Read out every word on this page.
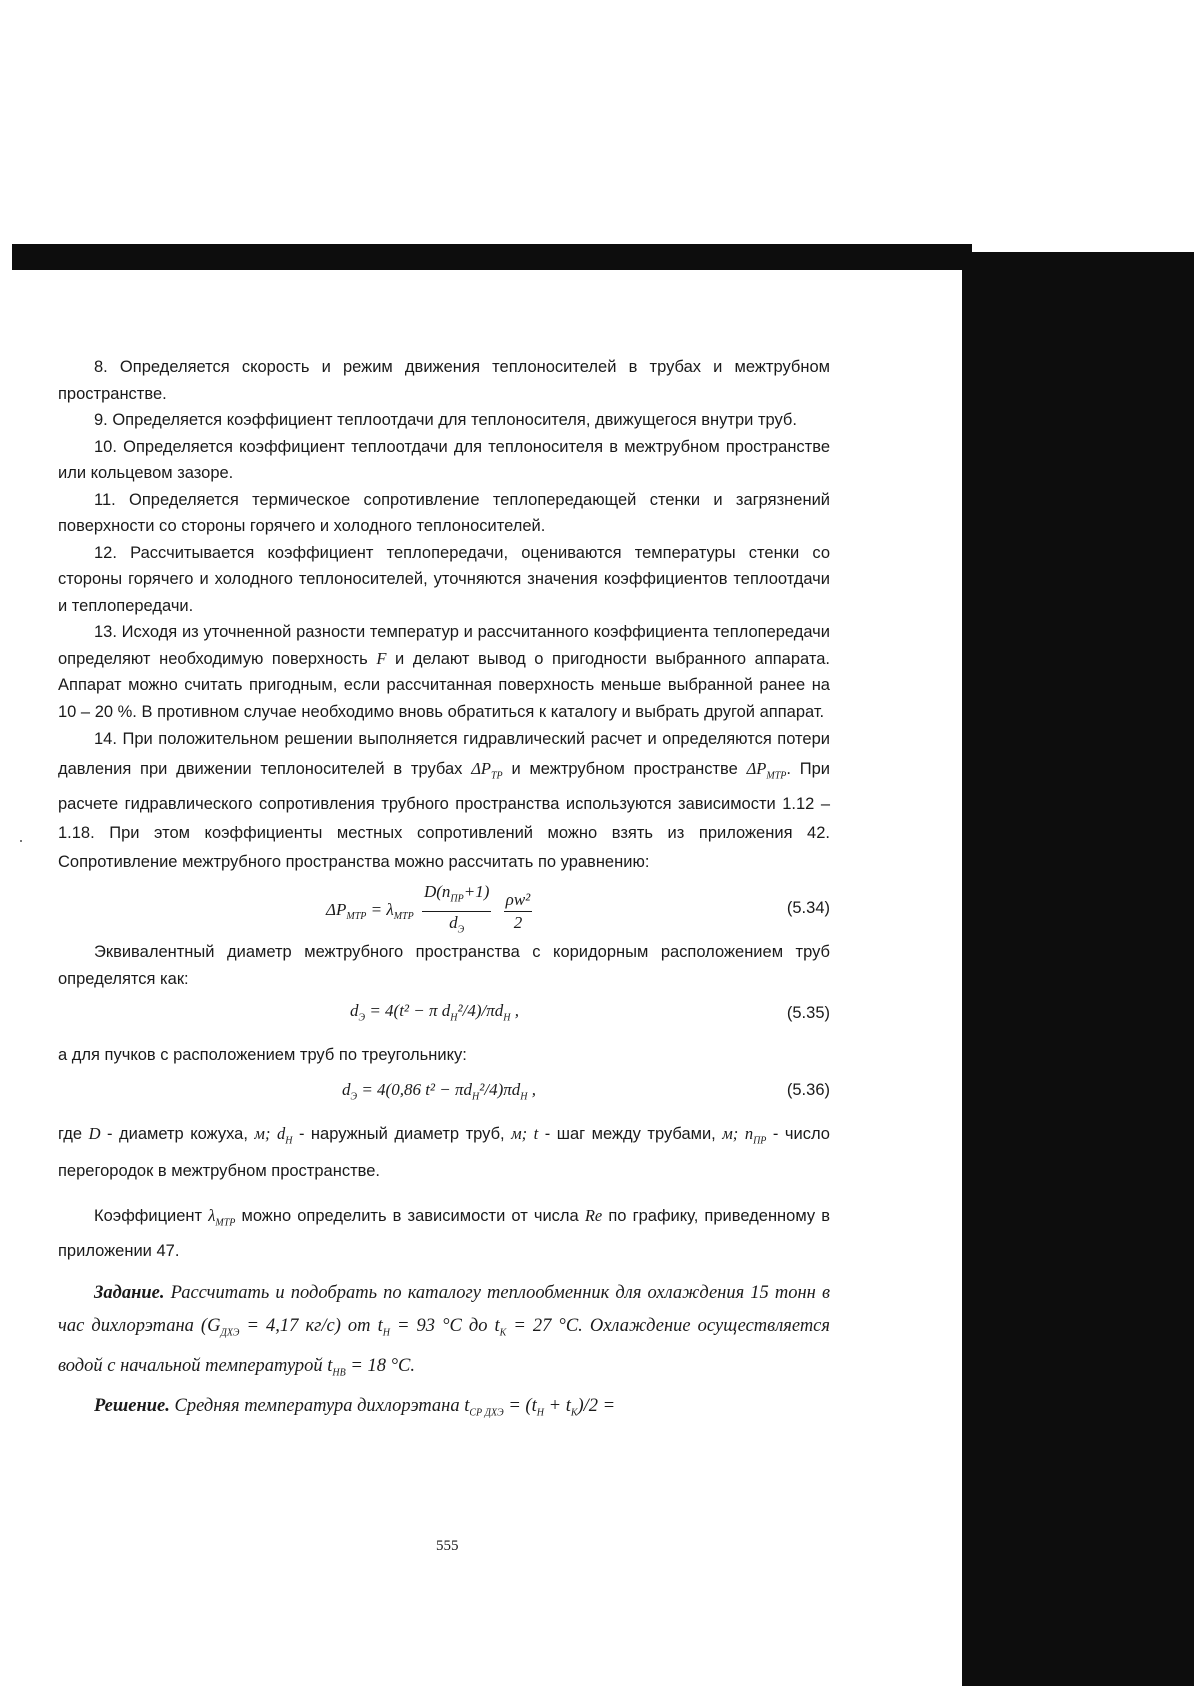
8. Определяется скорость и режим движения теплоносителей в трубах и межтрубном пространстве.

9. Определяется коэффициент теплоотдачи для теплоносителя, движущегося внутри труб.

10. Определяется коэффициент теплоотдачи для теплоносителя в межтрубном пространстве или кольцевом зазоре.

11. Определяется термическое сопротивление теплопередающей стенки и загрязнений поверхности со стороны горячего и холодного теплоносителей.

12. Рассчитывается коэффициент теплопередачи, оцениваются температуры стенки со стороны горячего и холодного теплоносителей, уточняются значения коэффициентов теплоотдачи и теплопередачи.

13. Исходя из уточненной разности температур и рассчитанного коэффициента теплопередачи определяют необходимую поверхность F и делают вывод о пригодности выбранного аппарата. Аппарат можно считать пригодным, если рассчитанная поверхность меньше выбранной ранее на 10 – 20 %. В противном случае необходимо вновь обратиться к каталогу и выбрать другой аппарат.

14. При положительном решении выполняется гидравлический расчет и определяются потери давления при движении теплоносителей в трубах $\Delta P_{ТР}$ и межтрубном пространстве $\Delta P_{МТР}$. При расчете гидравлического сопротивления трубного пространства используются зависимости 1.12 – 1.18. При этом коэффициенты местных сопротивлений можно взять из приложения 42. Сопротивление межтрубного пространства можно рассчитать по уравнению:

$\Delta P_{МТР} = \lambda_{МТР} \frac{D(n_{ПР}+1)}{d_Э}$
$\frac{\text{ρw²}}{2}$	(5.34)

Эквивалентный диаметр межтрубного пространства с коридорным расположением труб определятся как:

$d_Э = 4(t^2 - \pi$ $d_Н^2/4)/\pi d_Н$ ,	(5.35)

а для пучков с расположением труб по треугольнику:

$d_Э = 4(0,86$ $t^2 - \pi d_Н^2/4)\pi d_Н$ ,	(5.36)

где D - диаметр кожуха, м; $d_Н$ - наружный диаметр труб, м; t - шаг между трубами, м; $n_{ПР}$ - число перегородок в межтрубном пространстве.

Коэффициент $\lambda_{МТР}$ можно определить в зависимости от числа Re по графику, приведенному в приложении 47.

Задание. Рассчитать и подобрать по каталогу теплообменник для охлаждения 15 тонн в час дихлорэтана ($G_{ДХЭ} = 4,17$ кг/с) от $t_Н = 93$ °С до $t_К = 27$ °С. Охлаждение осуществляется водой с начальной температурой $t_{НВ} = 18$ °С.

Решение. Средняя температура дихлорэтана $t_{СР ДХЭ} = (t_Н + t_К)/2$ =

555
